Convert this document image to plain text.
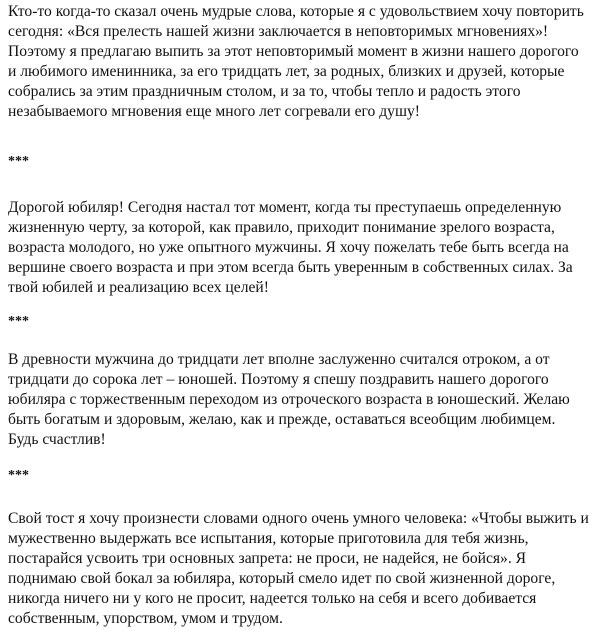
Кто-то когда-то сказал очень мудрые слова, которые я с удовольствием хочу повторить сегодня: «Вся прелесть нашей жизни заключается в неповторимых мгновениях»! Поэтому я предлагаю выпить за этот неповторимый момент в жизни нашего дорогого и любимого именинника, за его тридцать лет, за родных, близких и друзей, которые собрались за этим праздничным столом, и за то, чтобы тепло и радость этого незабываемого мгновения еще много лет согревали его душу!

***

Дорогой юбиляр! Сегодня настал тот момент, когда ты преступаешь определенную жизненную черту, за которой, как правило, приходит понимание зрелого возраста, возраста молодого, но уже опытного мужчины. Я хочу пожелать тебе быть всегда на вершине своего возраста и при этом всегда быть уверенным в собственных силах. За твой юбилей и реализацию всех целей!

***

В древности мужчина до тридцати лет вполне заслуженно считался отроком, а от тридцати до сорока лет – юношей. Поэтому я спешу поздравить нашего дорогого юбиляра с торжественным переходом из отроческого возраста в юношеский. Желаю быть богатым и здоровым, желаю, как и прежде, оставаться всеобщим любимцем. Будь счастлив!

***

Свой тост я хочу произнести словами одного очень умного человека: «Чтобы выжить и мужественно выдержать все испытания, которые приготовила для тебя жизнь, постарайся усвоить три основных запрета: не проси, не надейся, не бойся». Я поднимаю свой бокал за юбиляра, который смело идет по свой жизненной дороге, никогда ничего ни у кого не просит, надеется только на себя и всего добивается собственным, упорством, умом и трудом.
